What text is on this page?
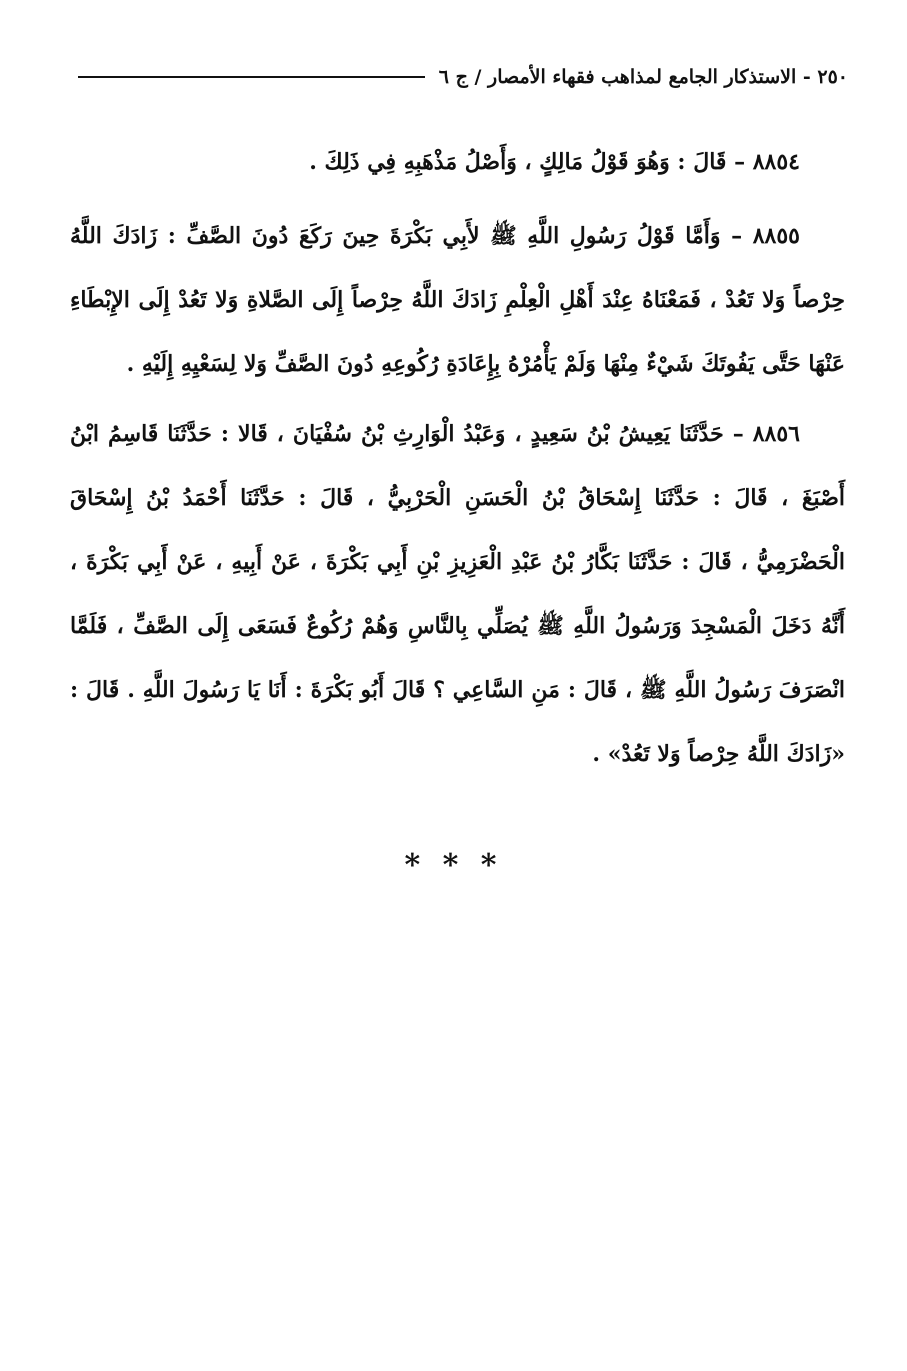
٢٥٠ - الاستذكار الجامع لمذاهب فقهاء الأمصار / ج ٦

٨٨٥٤ – قَالَ : وَهُوَ قَوْلُ مَالِكٍ ، وَأَصْلُ مَذْهَبِهِ فِي ذَلِكَ .

٨٨٥٥ – وَأَمَّا قَوْلُ رَسُولِ اللَّهِ ﷺ لأَبِي بَكْرَةَ حِينَ رَكَعَ دُونَ الصَّفِّ : زَادَكَ اللَّهُ حِرْصاً وَلا تَعُدْ ، فَمَعْنَاهُ عِنْدَ أَهْلِ الْعِلْمِ زَادَكَ اللَّهُ حِرْصاً إِلَى الصَّلاةِ وَلا تَعُدْ إِلَى الإِبْطَاءِ عَنْهَا حَتَّى يَفُوتَكَ شَيْءٌ مِنْهَا وَلَمْ يَأْمُرْهُ بِإِعَادَةِ رُكُوعِهِ دُونَ الصَّفِّ وَلا لِسَعْيِهِ إِلَيْهِ .

٨٨٥٦ – حَدَّثَنَا يَعِيشُ بْنُ سَعِيدٍ ، وَعَبْدُ الْوَارِثِ بْنُ سُفْيَانَ ، قَالا : حَدَّثَنَا قَاسِمُ ابْنُ أَصْبَغَ ، قَالَ : حَدَّثَنَا إِسْحَاقُ بْنُ الْحَسَنِ الْحَرْبِيُّ ، قَالَ : حَدَّثَنَا أَحْمَدُ بْنُ إِسْحَاقَ الْحَضْرَمِيُّ ، قَالَ : حَدَّثَنَا بَكَّارُ بْنُ عَبْدِ الْعَزِيزِ بْنِ أَبِي بَكْرَةَ ، عَنْ أَبِيهِ ، عَنْ أَبِي بَكْرَةَ ، أَنَّهُ دَخَلَ الْمَسْجِدَ وَرَسُولُ اللَّهِ ﷺ يُصَلِّي بِالنَّاسِ وَهُمْ رُكُوعٌ فَسَعَى إِلَى الصَّفِّ ، فَلَمَّا انْصَرَفَ رَسُولُ اللَّهِ ﷺ ، قَالَ : مَنِ السَّاعِي ؟ قَالَ أَبُو بَكْرَةَ : أَنَا يَا رَسُولَ اللَّهِ . قَالَ : «زَادَكَ اللَّهُ حِرْصاً وَلا تَعُدْ» .

* * *
